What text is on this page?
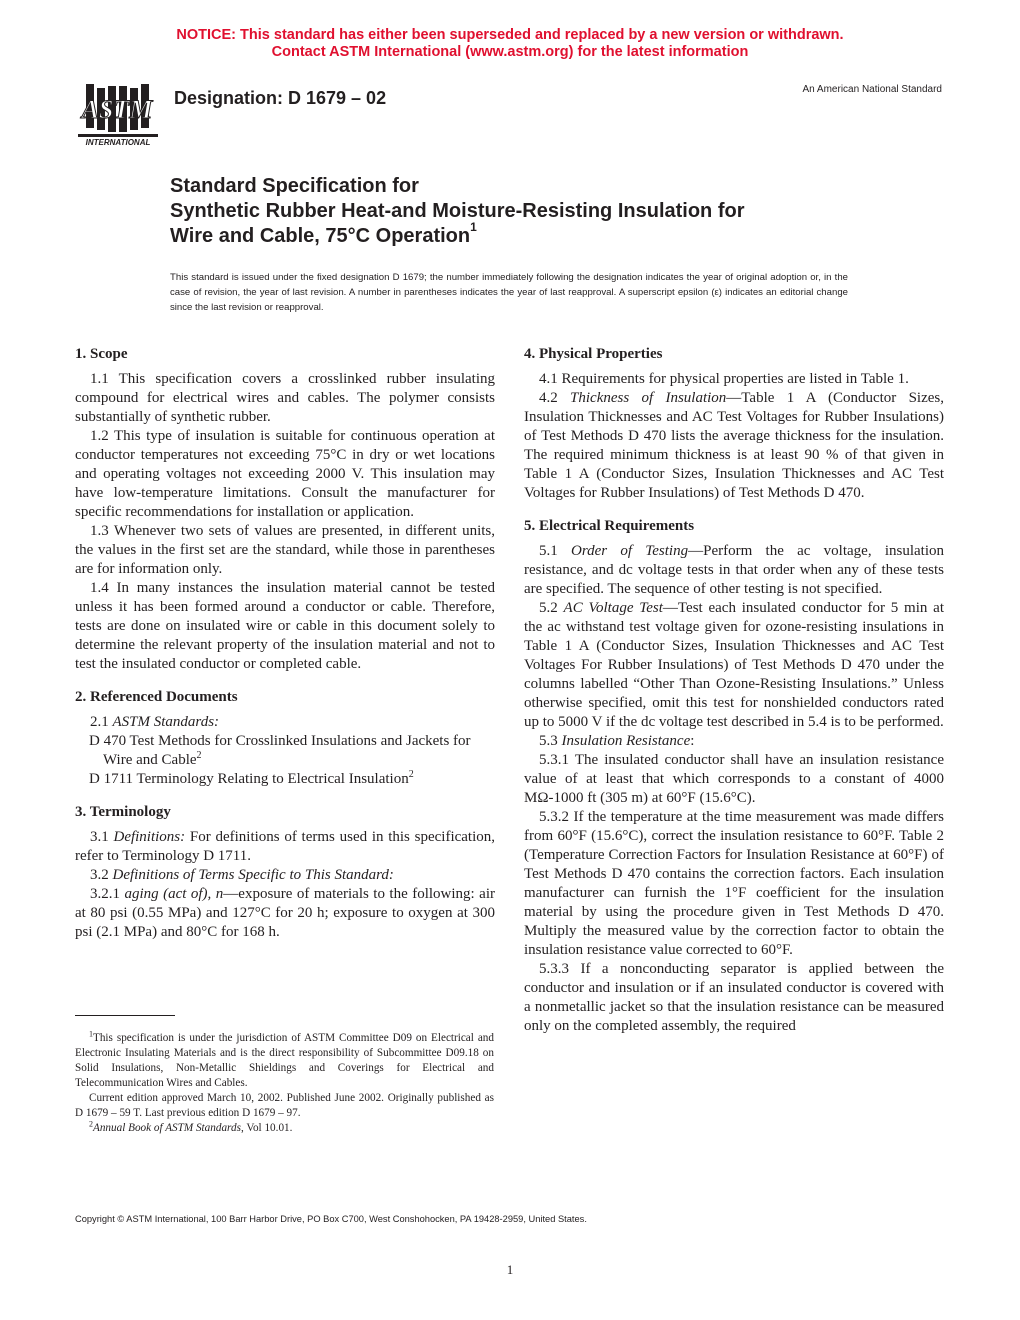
NOTICE: This standard has either been superseded and replaced by a new version or withdrawn.
Contact ASTM International (www.astm.org) for the latest information
ASTM
INTERNATIONAL
Designation: D 1679 – 02	An American National Standard
Standard Specification for
Synthetic Rubber Heat-and Moisture-Resisting Insulation for
Wire and Cable, 75°C Operation$^1$
This standard is issued under the fixed designation D 1679; the number immediately following the designation indicates the year of original adoption or, in the case of revision, the year of last revision. A number in parentheses indicates the year of last reapproval. A superscript epsilon (ε) indicates an editorial change since the last revision or reapproval.
1. Scope

1.1 This specification covers a crosslinked rubber insulating compound for electrical wires and cables. The polymer consists substantially of synthetic rubber.

1.2 This type of insulation is suitable for continuous operation at conductor temperatures not exceeding 75°C in dry or wet locations and operating voltages not exceeding 2000 V. This insulation may have low-temperature limitations. Consult the manufacturer for specific recommendations for installation or application.

1.3 Whenever two sets of values are presented, in different units, the values in the first set are the standard, while those in parentheses are for information only.

1.4 In many instances the insulation material cannot be tested unless it has been formed around a conductor or cable. Therefore, tests are done on insulated wire or cable in this document solely to determine the relevant property of the insulation material and not to test the insulated conductor or completed cable.

2. Referenced Documents

2.1 ASTM Standards:

D 470 Test Methods for Crosslinked Insulations and Jackets for Wire and Cable$^2$

D 1711 Terminology Relating to Electrical Insulation$^2$

3. Terminology

3.1 Definitions: For definitions of terms used in this specification, refer to Terminology D 1711.

3.2 Definitions of Terms Specific to This Standard:

3.2.1 aging (act of), n—exposure of materials to the following: air at 80 psi (0.55 MPa) and 127°C for 20 h; exposure to oxygen at 300 psi (2.1 MPa) and 80°C for 168 h.

4. Physical Properties

4.1 Requirements for physical properties are listed in Table 1.

4.2 Thickness of Insulation—Table 1 A (Conductor Sizes, Insulation Thicknesses and AC Test Voltages for Rubber Insulations) of Test Methods D 470 lists the average thickness for the insulation. The required minimum thickness is at least 90 % of that given in Table 1 A (Conductor Sizes, Insulation Thicknesses and AC Test Voltages for Rubber Insulations) of Test Methods D 470.

5. Electrical Requirements

5.1 Order of Testing—Perform the ac voltage, insulation resistance, and dc voltage tests in that order when any of these tests are specified. The sequence of other testing is not specified.

5.2 AC Voltage Test—Test each insulated conductor for 5 min at the ac withstand test voltage given for ozone-resisting insulations in Table 1 A (Conductor Sizes, Insulation Thicknesses and AC Test Voltages For Rubber Insulations) of Test Methods D 470 under the columns labelled “Other Than Ozone-Resisting Insulations.” Unless otherwise specified, omit this test for nonshielded conductors rated up to 5000 V if the dc voltage test described in 5.4 is to be performed.

5.3 Insulation Resistance:

5.3.1 The insulated conductor shall have an insulation resistance value of at least that which corresponds to a constant of 4000 MΩ-1000 ft (305 m) at 60°F (15.6°C).

5.3.2 If the temperature at the time measurement was made differs from 60°F (15.6°C), correct the insulation resistance to 60°F. Table 2 (Temperature Correction Factors for Insulation Resistance at 60°F) of Test Methods D 470 contains the correction factors. Each insulation manufacturer can furnish the 1°F coefficient for the insulation material by using the procedure given in Test Methods D 470. Multiply the measured value by the correction factor to obtain the insulation resistance value corrected to 60°F.

5.3.3 If a nonconducting separator is applied between the conductor and insulation or if an insulated conductor is covered with a nonmetallic jacket so that the insulation resistance can be measured only on the completed assembly, the required

$^1$This specification is under the jurisdiction of ASTM Committee D09 on Electrical and Electronic Insulating Materials and is the direct responsibility of Subcommittee D09.18 on Solid Insulations, Non-Metallic Shieldings and Coverings for Electrical and Telecommunication Wires and Cables.

Current edition approved March 10, 2002. Published June 2002. Originally published as D 1679 – 59 T. Last previous edition D 1679 – 97.

$^2$Annual Book of ASTM Standards, Vol 10.01.

Copyright © ASTM International, 100 Barr Harbor Drive, PO Box C700, West Conshohocken, PA 19428-2959, United States.
1
